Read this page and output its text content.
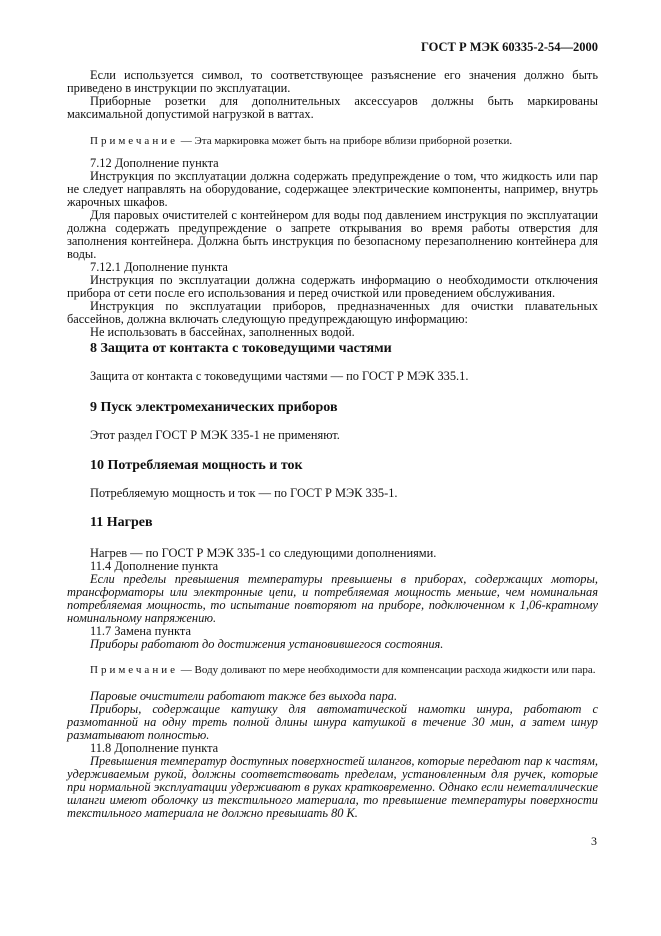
ГОСТ Р МЭК 60335-2-54—2000

Если используется символ, то соответствующее разъяснение его значения должно быть приведено в инструкции по эксплуатации.

Приборные розетки для дополнительных аксессуаров должны быть маркированы максимальной допустимой нагрузкой в ваттах.

Примечание — Эта маркировка может быть на приборе вблизи приборной розетки.

7.12 Дополнение пункта

Инструкция по эксплуатации должна содержать предупреждение о том, что жидкость или пар не следует направлять на оборудование, содержащее электрические компоненты, например, внутрь жарочных шкафов.

Для паровых очистителей с контейнером для воды под давлением инструкция по эксплуатации должна содержать предупреждение о запрете открывания во время работы отверстия для заполнения контейнера. Должна быть инструкция по безопасному перезаполнению контейнера для воды.

7.12.1 Дополнение пункта

Инструкция по эксплуатации должна содержать информацию о необходимости отключения прибора от сети после его использования и перед очисткой или проведением обслуживания.

Инструкция по эксплуатации приборов, предназначенных для очистки плавательных бассейнов, должна включать следующую предупреждающую информацию:

Не использовать в бассейнах, заполненных водой.

8 Защита от контакта с токоведущими частями

Защита от контакта с токоведущими частями — по ГОСТ Р МЭК 335.1.

9 Пуск электромеханических приборов

Этот раздел ГОСТ Р МЭК 335-1 не применяют.

10 Потребляемая мощность и ток

Потребляемую мощность и ток — по ГОСТ Р МЭК 335-1.

11 Нагрев

Нагрев — по ГОСТ Р МЭК 335-1 со следующими дополнениями.

11.4 Дополнение пункта

Если пределы превышения температуры превышены в приборах, содержащих моторы, трансформаторы или электронные цепи, и потребляемая мощность меньше, чем номинальная потребляемая мощность, то испытание повторяют на приборе, подключенном к 1,06-кратному номинальному напряжению.

11.7 Замена пункта

Приборы работают до достижения установившегося состояния.

Примечание — Воду доливают по мере необходимости для компенсации расхода жидкости или пара.

Паровые очистители работают также без выхода пара.

Приборы, содержащие катушку для автоматической намотки шнура, работают с размотанной на одну треть полной длины шнура катушкой в течение 30 мин, а затем шнур разматывают полностью.

11.8 Дополнение пункта

Превышения температур доступных поверхностей шлангов, которые передают пар к частям, удерживаемым рукой, должны соответствовать пределам, установленным для ручек, которые при нормальной эксплуатации удерживают в руках кратковременно. Однако если неметаллические шланги имеют оболочку из текстильного материала, то превышение температуры поверхности текстильного материала не должно превышать 80 К.

3
